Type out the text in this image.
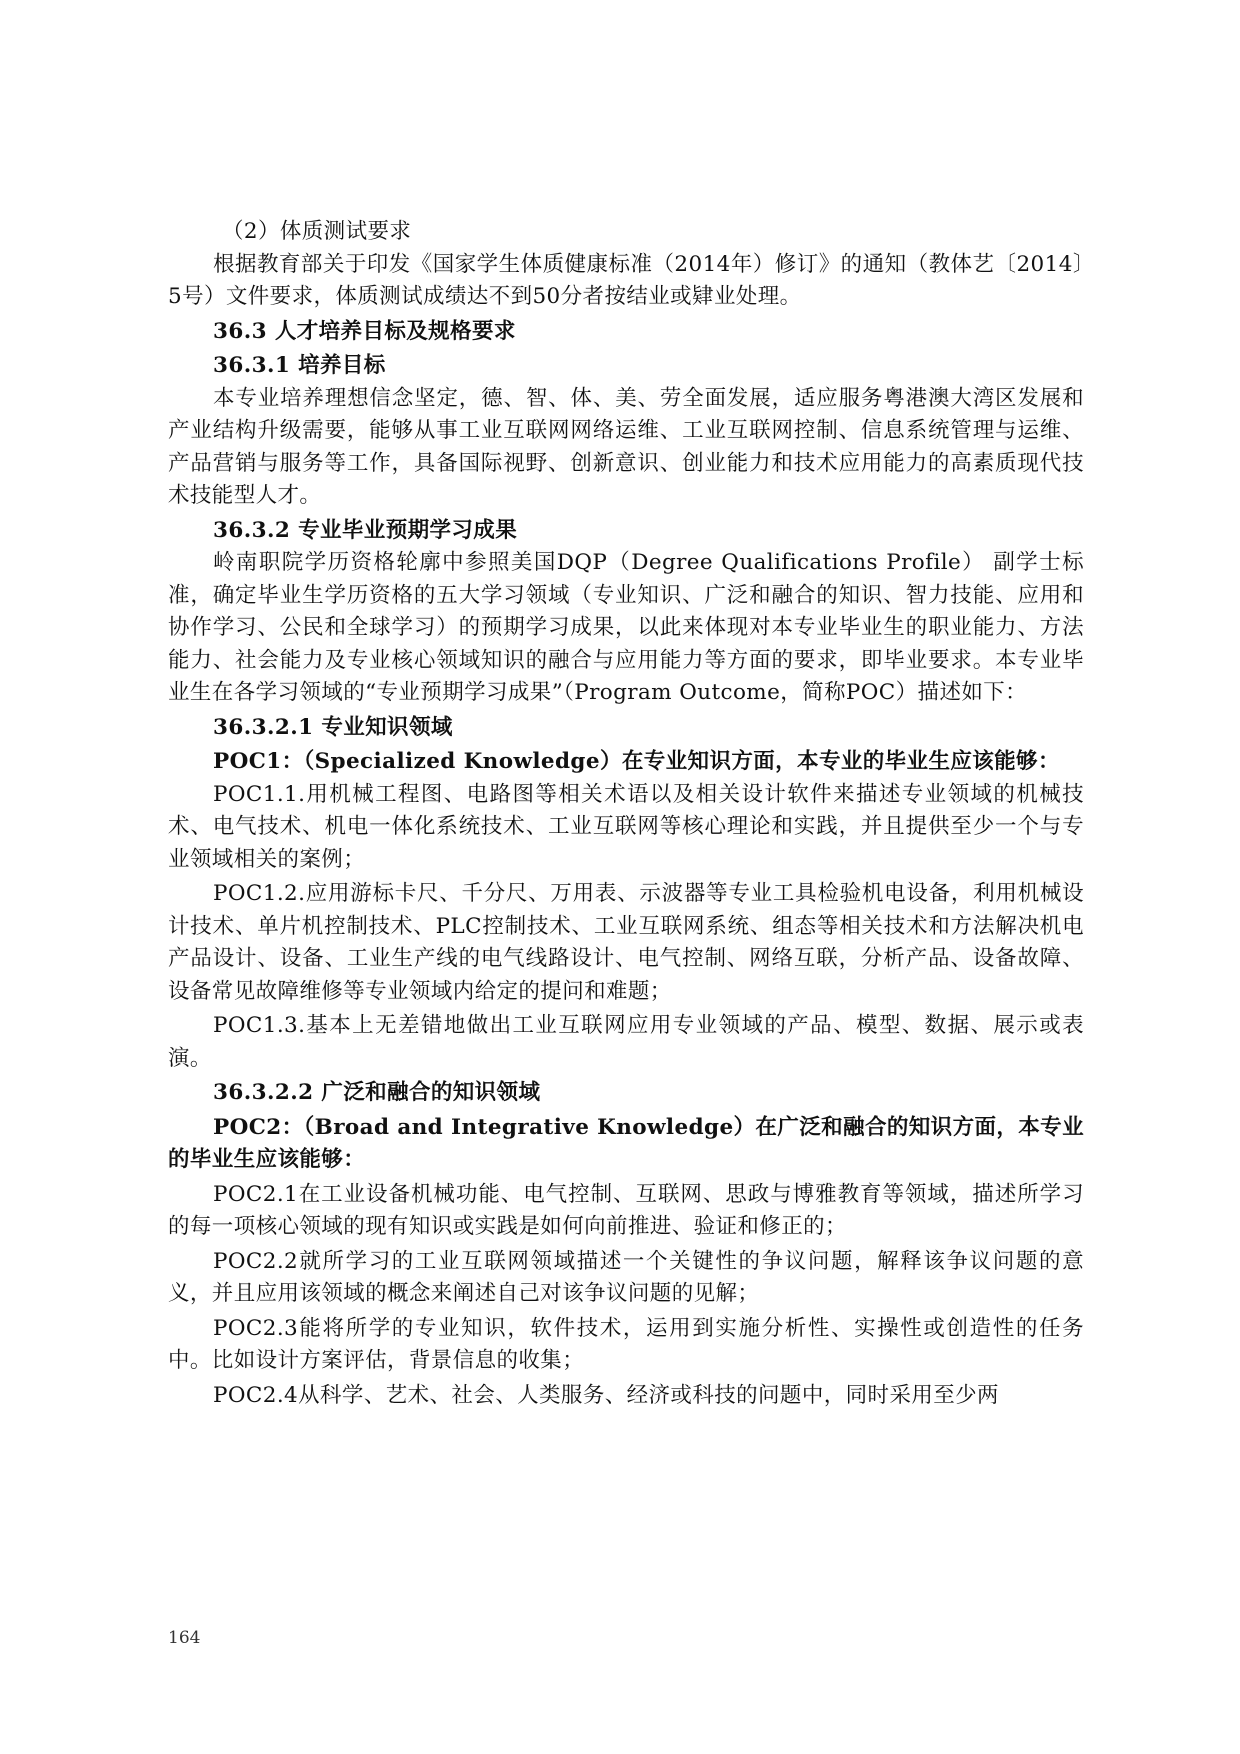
（2）体质测试要求

根据教育部关于印发《国家学生体质健康标准（2014年）修订》的通知（教体艺〔2014〕5号）文件要求，体质测试成绩达不到50分者按结业或肄业处理。

36.3 人才培养目标及规格要求
36.3.1 培养目标

本专业培养理想信念坚定，德、智、体、美、劳全面发展，适应服务粤港澳大湾区发展和产业结构升级需要，能够从事工业互联网网络运维、工业互联网控制、信息系统管理与运维、产品营销与服务等工作，具备国际视野、创新意识、创业能力和技术应用能力的高素质现代技术技能型人才。

36.3.2 专业毕业预期学习成果

岭南职院学历资格轮廓中参照美国DQP（Degree Qualifications Profile） 副学士标准，确定毕业生学历资格的五大学习领域（专业知识、广泛和融合的知识、智力技能、应用和协作学习、公民和全球学习）的预期学习成果，以此来体现对本专业毕业生的职业能力、方法能力、社会能力及专业核心领域知识的融合与应用能力等方面的要求，即毕业要求。本专业毕业生在各学习领域的“专业预期学习成果”（Program Outcome，简称POC）描述如下：

36.3.2.1 专业知识领域

POC1：（Specialized Knowledge）在专业知识方面，本专业的毕业生应该能够：

POC1.1.用机械工程图、电路图等相关术语以及相关设计软件来描述专业领域的机械技术、电气技术、机电一体化系统技术、工业互联网等核心理论和实践，并且提供至少一个与专业领域相关的案例；

POC1.2.应用游标卡尺、千分尺、万用表、示波器等专业工具检验机电设备，利用机械设计技术、单片机控制技术、PLC控制技术、工业互联网系统、组态等相关技术和方法解决机电产品设计、设备、工业生产线的电气线路设计、电气控制、网络互联，分析产品、设备故障、设备常见故障维修等专业领域内给定的提问和难题；

POC1.3.基本上无差错地做出工业互联网应用专业领域的产品、模型、数据、展示或表演。

36.3.2.2 广泛和融合的知识领域

POC2：（Broad and Integrative Knowledge）在广泛和融合的知识方面，本专业的毕业生应该能够：

POC2.1在工业设备机械功能、电气控制、互联网、思政与博雅教育等领域，描述所学习的每一项核心领域的现有知识或实践是如何向前推进、验证和修正的；

POC2.2就所学习的工业互联网领域描述一个关键性的争议问题，解释该争议问题的意义，并且应用该领域的概念来阐述自己对该争议问题的见解；

POC2.3能将所学的专业知识，软件技术，运用到实施分析性、实操性或创造性的任务中。比如设计方案评估，背景信息的收集；

POC2.4从科学、艺术、社会、人类服务、经济或科技的问题中，同时采用至少两

164
